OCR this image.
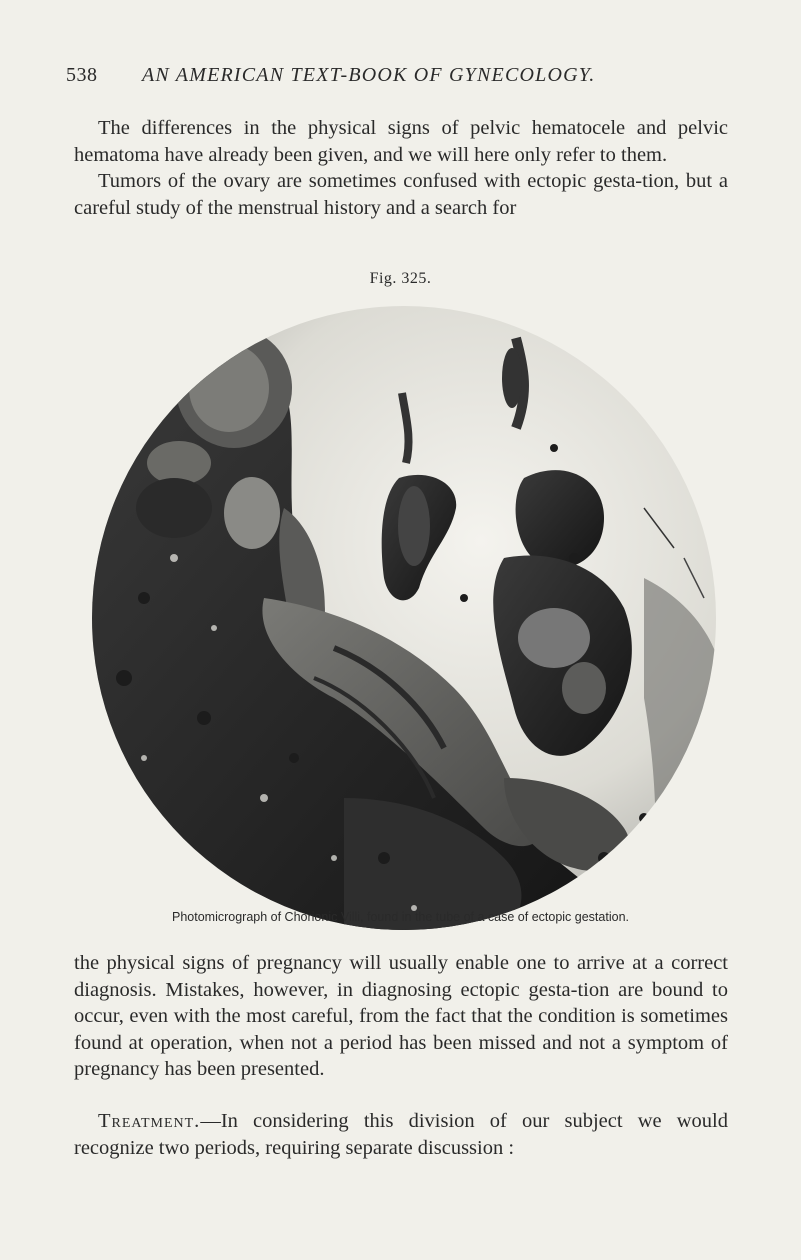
538 AN AMERICAN TEXT-BOOK OF GYNECOLOGY.

The differences in the physical signs of pelvic hematocele and pelvic hematoma have already been given, and we will here only refer to them.

Tumors of the ovary are sometimes confused with ectopic gesta-tion, but a careful study of the menstrual history and a search for

Fig. 325.
Photomicrograph of Chorionic Villi, found in the tube of a case of ectopic gestation.

the physical signs of pregnancy will usually enable one to arrive at a correct diagnosis. Mistakes, however, in diagnosing ectopic gesta-tion are bound to occur, even with the most careful, from the fact that the condition is sometimes found at operation, when not a period has been missed and not a symptom of pregnancy has been presented.

Treatment.—In considering this division of our subject we would recognize two periods, requiring separate discussion :
